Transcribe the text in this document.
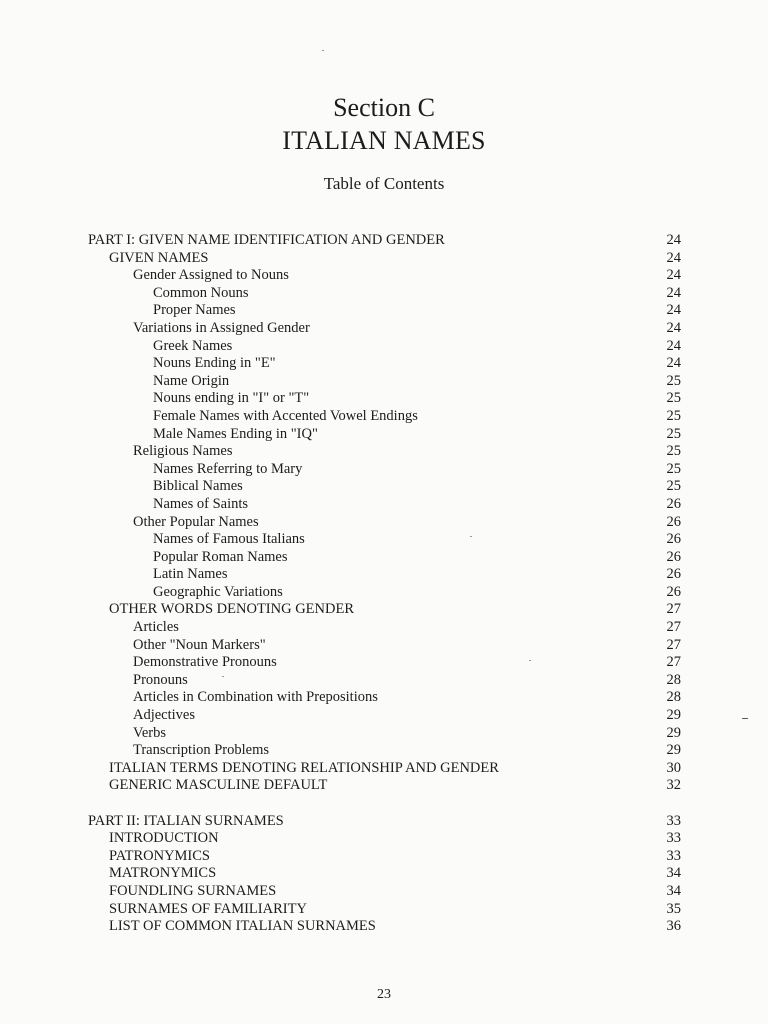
Section C
ITALIAN NAMES
Table of Contents
PART I: GIVEN NAME IDENTIFICATION AND GENDER	24
GIVEN NAMES	24
Gender Assigned to Nouns	24
Common Nouns	24
Proper Names	24
Variations in Assigned Gender	24
Greek Names	24
Nouns Ending in "E"	24
Name Origin	25
Nouns ending in "I" or "T"	25
Female Names with Accented Vowel Endings	25
Male Names Ending in "IQ"	25
Religious Names	25
Names Referring to Mary	25
Biblical Names	25
Names of Saints	26
Other Popular Names	26
Names of Famous Italians	26
Popular Roman Names	26
Latin Names	26
Geographic Variations	26
OTHER WORDS DENOTING GENDER	27
Articles	27
Other "Noun Markers"	27
Demonstrative Pronouns	27
Pronouns	28
Articles in Combination with Prepositions	28
Adjectives	29
Verbs	29
Transcription Problems	29
ITALIAN TERMS DENOTING RELATIONSHIP AND GENDER	30
GENERIC MASCULINE DEFAULT	32
PART II: ITALIAN SURNAMES	33
INTRODUCTION	33
PATRONYMICS	33
MATRONYMICS	34
FOUNDLING SURNAMES	34
SURNAMES OF FAMILIARITY	35
LIST OF COMMON ITALIAN SURNAMES	36
23
